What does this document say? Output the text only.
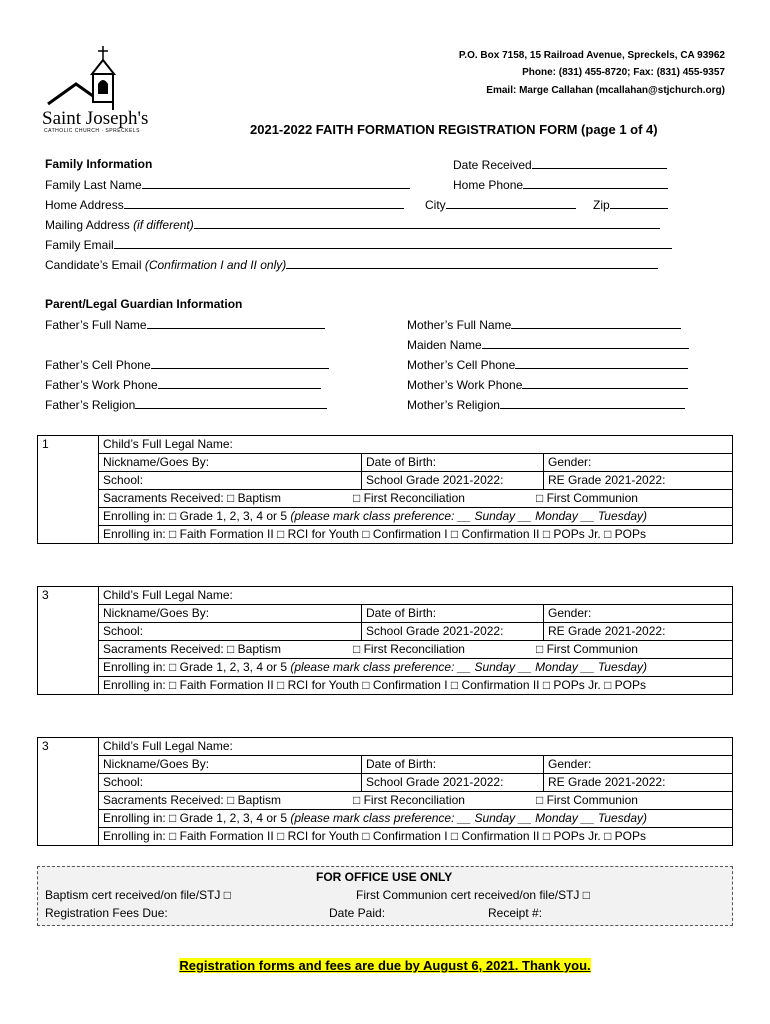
Saint Joseph's
CATHOLIC CHURCH · SPRECKELS
P.O. Box 7158, 15 Railroad Avenue, Spreckels, CA 93962
Phone: (831) 455-8720; Fax: (831) 455-9357
Email: Marge Callahan (mcallahan@stjchurch.org)
2021-2022 FAITH FORMATION REGISTRATION FORM (page 1 of 4)
Family Information	Date Received
Family Last Name	Home Phone
Home Address	City	Zip
Mailing Address (if different)
Family Email
Candidate’s Email (Confirmation I and II only)
Parent/Legal Guardian Information
Father’s Full Name	Mother’s Full Name
Maiden Name
Father’s Cell Phone	Mother’s Cell Phone
Father’s Work Phone	Mother’s Work Phone
Father’s Religion	Mother’s Religion
1	Child’s Full Legal Name:		
	Nickname/Goes By:	Date of Birth:	Gender:
	School:	School Grade 2021-2022:	RE Grade 2021-2022:
	Sacraments Received: □ Baptism □ First Reconciliation □ First Communion		
	Enrolling in: □ Grade 1, 2, 3, 4 or 5 (please mark class preference: __ Sunday __ Monday __ Tuesday)		
	Enrolling in: □ Faith Formation II □ RCI for Youth □ Confirmation I □ Confirmation II □ POPs Jr. □ POPs		
3	Child’s Full Legal Name:		
	Nickname/Goes By:	Date of Birth:	Gender:
	School:	School Grade 2021-2022:	RE Grade 2021-2022:
	Sacraments Received: □ Baptism □ First Reconciliation □ First Communion		
	Enrolling in: □ Grade 1, 2, 3, 4 or 5 (please mark class preference: __ Sunday __ Monday __ Tuesday)		
	Enrolling in: □ Faith Formation II □ RCI for Youth □ Confirmation I □ Confirmation II □ POPs Jr. □ POPs		
3	Child’s Full Legal Name:		
	Nickname/Goes By:	Date of Birth:	Gender:
	School:	School Grade 2021-2022:	RE Grade 2021-2022:
	Sacraments Received: □ Baptism □ First Reconciliation □ First Communion		
	Enrolling in: □ Grade 1, 2, 3, 4 or 5 (please mark class preference: __ Sunday __ Monday __ Tuesday)		
	Enrolling in: □ Faith Formation II □ RCI for Youth □ Confirmation I □ Confirmation II □ POPs Jr. □ POPs		
FOR OFFICE USE ONLY
Baptism cert received/on file/STJ □	First Communion cert received/on file/STJ □
Registration Fees Due:	Date Paid:	Receipt #:
Registration forms and fees are due by August 6, 2021. Thank you.
